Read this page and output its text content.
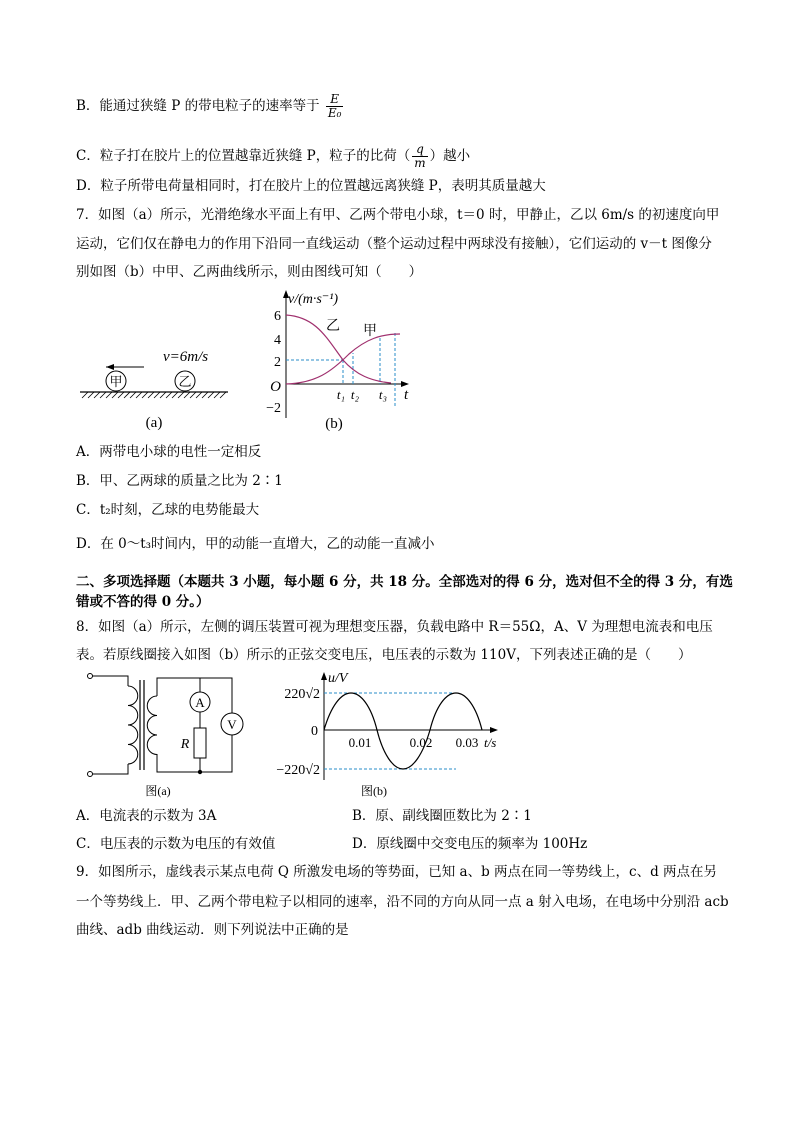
B．能通过狭缝 P 的带电粒子的速率等于 $\frac{E}{\text{E₀}}$
C．粒子打在胶片上的位置越靠近狭缝 P，粒子的比荷（ $\frac{q}{m}$ ）越小
D．粒子所带电荷量相同时，打在胶片上的位置越远离狭缝 P，表明其质量越大
7．如图（a）所示，光滑绝缘水平面上有甲、乙两个带电小球，t＝0 时，甲静止，乙以 6m/s 的初速度向甲
运动，它们仅在静电力的作用下沿同一直线运动（整个运动过程中两球没有接触），它们运动的 v－t 图像分
别如图（b）中甲、乙两曲线所示，则由图线可知（　　）
v=6m/s
甲	乙
(a)
v/(m·s⁻¹)
t
O
6
4
2
−2
乙 甲
t₁ t₂ t₃
(b)
A．两带电小球的电性一定相反
B．甲、乙两球的质量之比为 2∶1
C．t₂时刻，乙球的电势能最大
D．在 0～t₃时间内，甲的动能一直增大，乙的动能一直减小
二、多项选择题（本题共 3 小题，每小题 6 分，共 18 分。全部选对的得 6 分，选对但不全的得 3 分，有选
错或不答的得 0 分。）
8．如图（a）所示，左侧的调压装置可视为理想变压器，负载电路中 R＝55Ω，A、V 为理想电流表和电压
表。若原线圈接入如图（b）所示的正弦交变电压，电压表的示数为 110V，下列表述正确的是（　　）
A
R
V
图(a)
u/V
t/s
0
220√2
−220√2
0.01	0.02 0.03
图(b)
A．电流表的示数为 3A	B．原、副线圈匝数比为 2∶1
C．电压表的示数为电压的有效值	D．原线圈中交变电压的频率为 100Hz
9．如图所示，虚线表示某点电荷 Q 所激发电场的等势面，已知 a、b 两点在同一等势线上，c、d 两点在另
一个等势线上．甲、乙两个带电粒子以相同的速率，沿不同的方向从同一点 a 射入电场，在电场中分别沿 acb
曲线、adb 曲线运动．则下列说法中正确的是
